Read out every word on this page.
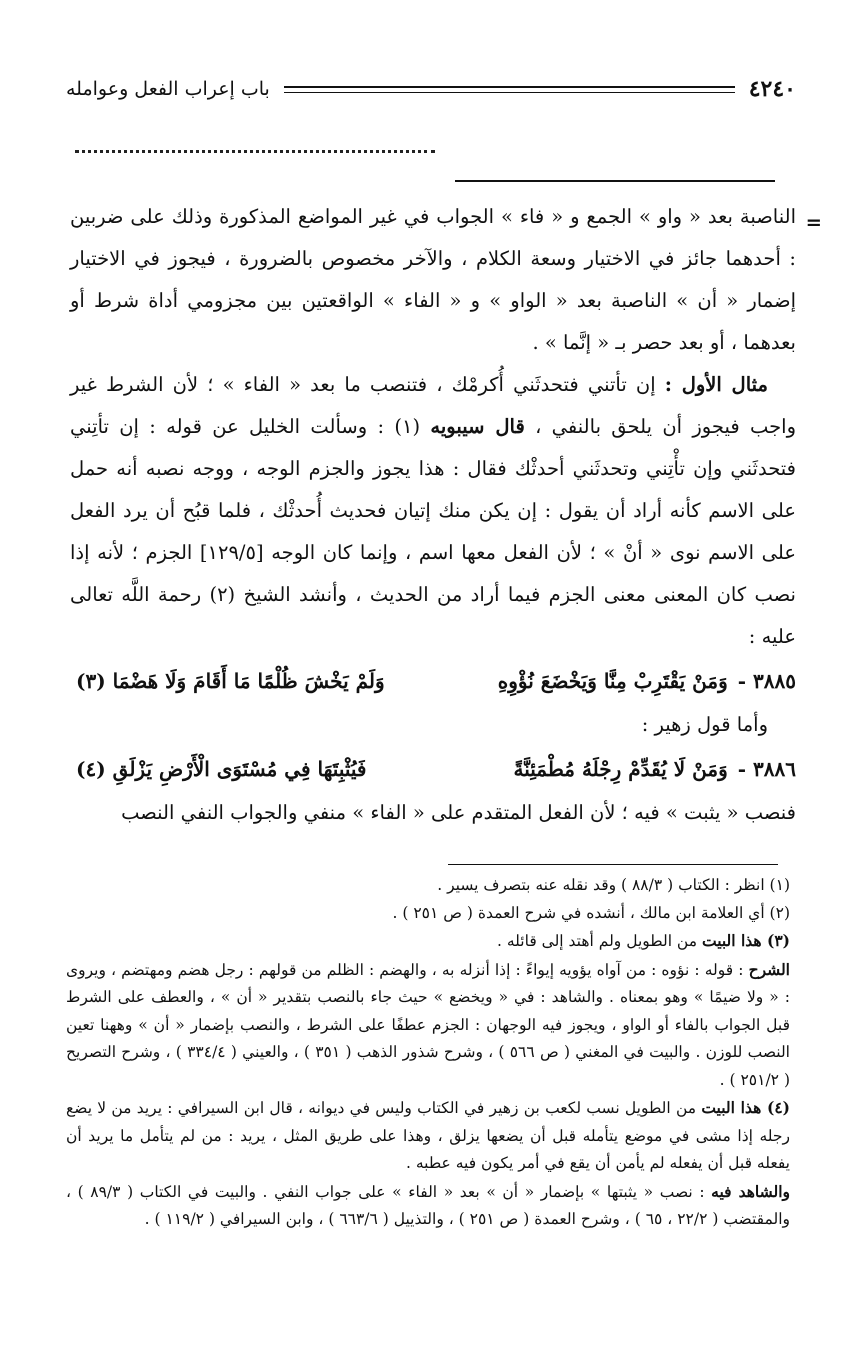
٤٢٤٠
باب إعراب الفعل وعوامله
=

الناصبة بعد « واو » الجمع و « فاء » الجواب في غير المواضع المذكورة وذلك على ضربين : أحدهما جائز في الاختيار وسعة الكلام ، والآخر مخصوص بالضرورة ، فيجوز في الاختيار إضمار « أن » الناصبة بعد « الواو » و « الفاء » الواقعتين بين مجزومي أداة شرط أو بعدهما ، أو بعد حصر بـ « إنَّما » .

مثال الأول : إن تأتني فتحدثَني أُكرمْك ، فتنصب ما بعد « الفاء » ؛ لأن الشرط غير واجب فيجوز أن يلحق بالنفي ، قال سيبويه (١) : وسألت الخليل عن قوله : إن تأتِني فتحدثَني وإن تأْتِني وتحدثَني أحدثْك فقال : هذا يجوز والجزم الوجه ، ووجه نصبه أنه حمل على الاسم كأنه أراد أن يقول : إن يكن منك إتيان فحديث أُحدثْك ، فلما قبُح أن يرد الفعل على الاسم نوى « أنْ » ؛ لأن الفعل معها اسم ، وإنما كان الوجه [١٢٩/٥] الجزم ؛ لأنه إذا نصب كان المعنى معنى الجزم فيما أراد من الحديث ، وأنشد الشيخ (٢) رحمة اللَّه تعالى عليه :

٣٨٨٥ -وَمَنْ يَقْتَرِبْ مِنَّا وَيَخْضَعَ نُؤْوِهِ
وَلَمْ يَخْشَ ظُلْمًا مَا أَقَامَ وَلَا هَضْمَا (٣)

وأما قول زهير :

٣٨٨٦ -وَمَنْ لَا يُقَدِّمْ رِجْلَهُ مُطْمَئِنَّةً
فَيُثْبِتَهَا فِي مُسْتَوَى الْأَرْضِ يَزْلَقِ (٤)

فنصب « يثبت » فيه ؛ لأن الفعل المتقدم على « الفاء » منفي والجواب النفي النصب

(١) انظر : الكتاب ( ٨٨/٣ ) وقد نقله عنه بتصرف يسير .

(٢) أي العلامة ابن مالك ، أنشده في شرح العمدة ( ص ٢٥١ ) .

(٣) هذا البيت من الطويل ولم أهتد إلى قائله .

الشرح : قوله : نؤوه : من آواه يؤويه إيواءً : إذا أنزله به ، والهضم : الظلم من قولهم : رجل هضم ومهتضم ، ويروى : « ولا ضيمًا » وهو بمعناه . والشاهد : في « ويخضع » حيث جاء بالنصب بتقدير « أن » ، والعطف على الشرط قبل الجواب بالفاء أو الواو ، ويجوز فيه الوجهان : الجزم عطفًا على الشرط ، والنصب بإضمار « أن » وههنا تعين النصب للوزن . والبيت في المغني ( ص ٥٦٦ ) ، وشرح شذور الذهب ( ٣٥١ ) ، والعيني ( ٣٣٤/٤ ) ، وشرح التصريح ( ٢٥١/٢ ) .

(٤) هذا البيت من الطويل نسب لكعب بن زهير في الكتاب وليس في ديوانه ، قال ابن السيرافي : يريد من لا يضع رجله إذا مشى في موضع يتأمله قبل أن يضعها يزلق ، وهذا على طريق المثل ، يريد : من لم يتأمل ما يريد أن يفعله قبل أن يفعله لم يأمن أن يقع في أمر يكون فيه عطبه .

والشاهد فيه : نصب « يثبتها » بإضمار « أن » بعد « الفاء » على جواب النفي . والبيت في الكتاب ( ٨٩/٣ ) ، والمقتضب ( ٢٢/٢ ، ٦٥ ) ، وشرح العمدة ( ص ٢٥١ ) ، والتذييل ( ٦٦٣/٦ ) ، وابن السيرافي ( ١١٩/٢ ) .
